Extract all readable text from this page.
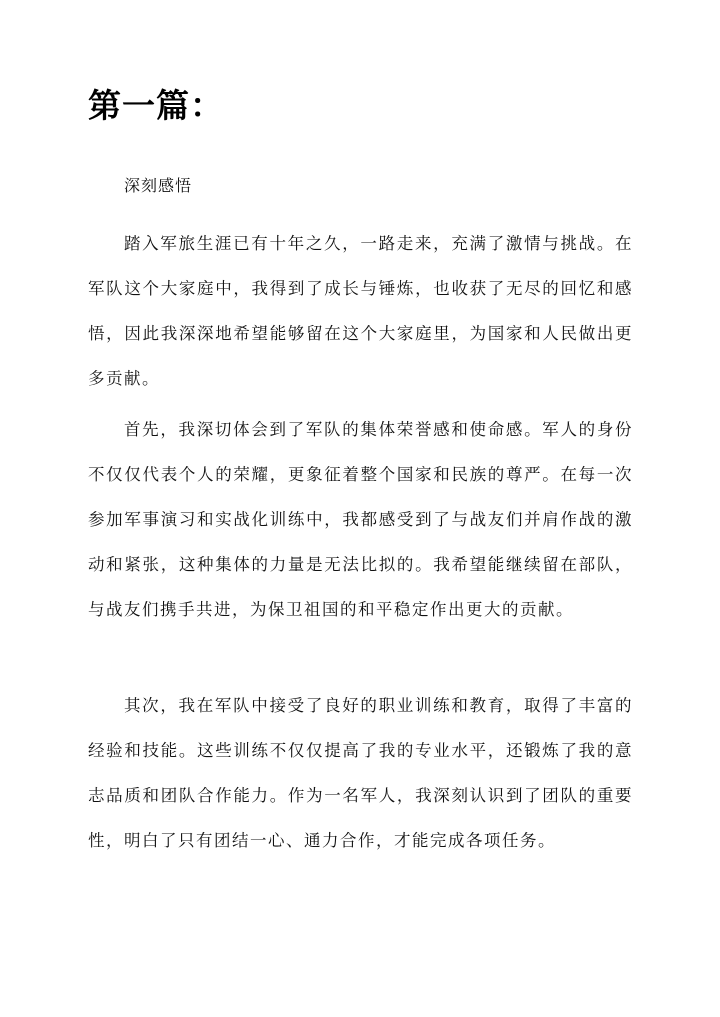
第一篇：
深刻感悟

踏入军旅生涯已有十年之久，一路走来，充满了激情与挑战。在军队这个大家庭中，我得到了成长与锤炼，也收获了无尽的回忆和感悟，因此我深深地希望能够留在这个大家庭里，为国家和人民做出更多贡献。

首先，我深切体会到了军队的集体荣誉感和使命感。军人的身份不仅仅代表个人的荣耀，更象征着整个国家和民族的尊严。在每一次参加军事演习和实战化训练中，我都感受到了与战友们并肩作战的激动和紧张，这种集体的力量是无法比拟的。我希望能继续留在部队，与战友们携手共进，为保卫祖国的和平稳定作出更大的贡献。

其次，我在军队中接受了良好的职业训练和教育，取得了丰富的经验和技能。这些训练不仅仅提高了我的专业水平，还锻炼了我的意志品质和团队合作能力。作为一名军人，我深刻认识到了团队的重要性，明白了只有团结一心、通力合作，才能完成各项任务。
